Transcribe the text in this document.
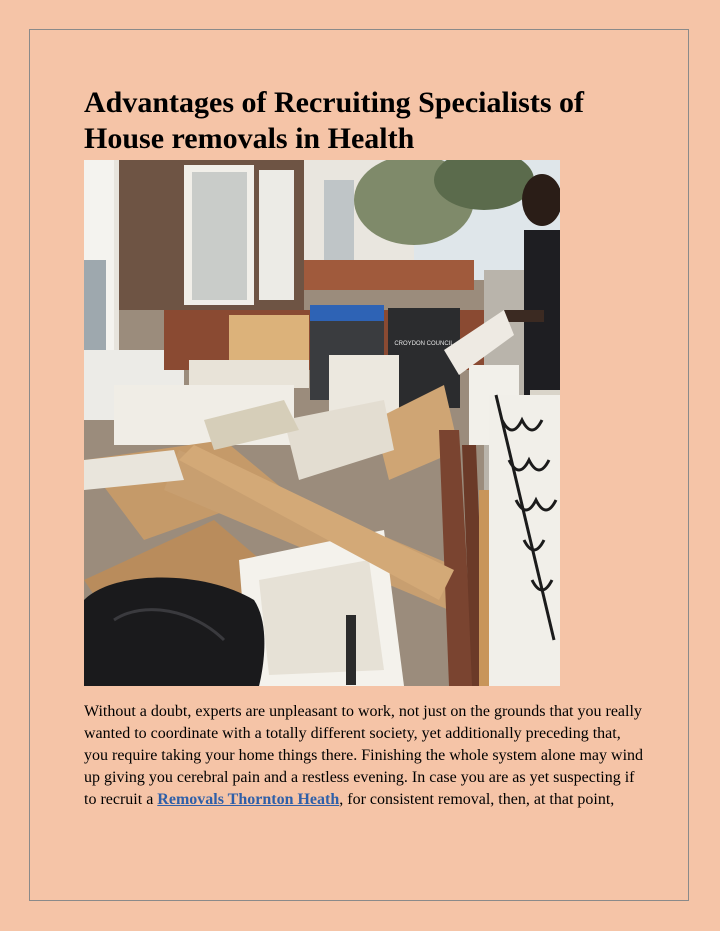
Advantages of Recruiting Specialists of House removals in Health
CROYDON COUNCIL

Without a doubt, experts are unpleasant to work, not just on the grounds that you really wanted to coordinate with a totally different society, yet additionally preceding that, you require taking your home things there. Finishing the whole system alone may wind up giving you cerebral pain and a restless evening. In case you are as yet suspecting if to recruit a Removals Thornton Heath, for consistent removal, then, at that point,
